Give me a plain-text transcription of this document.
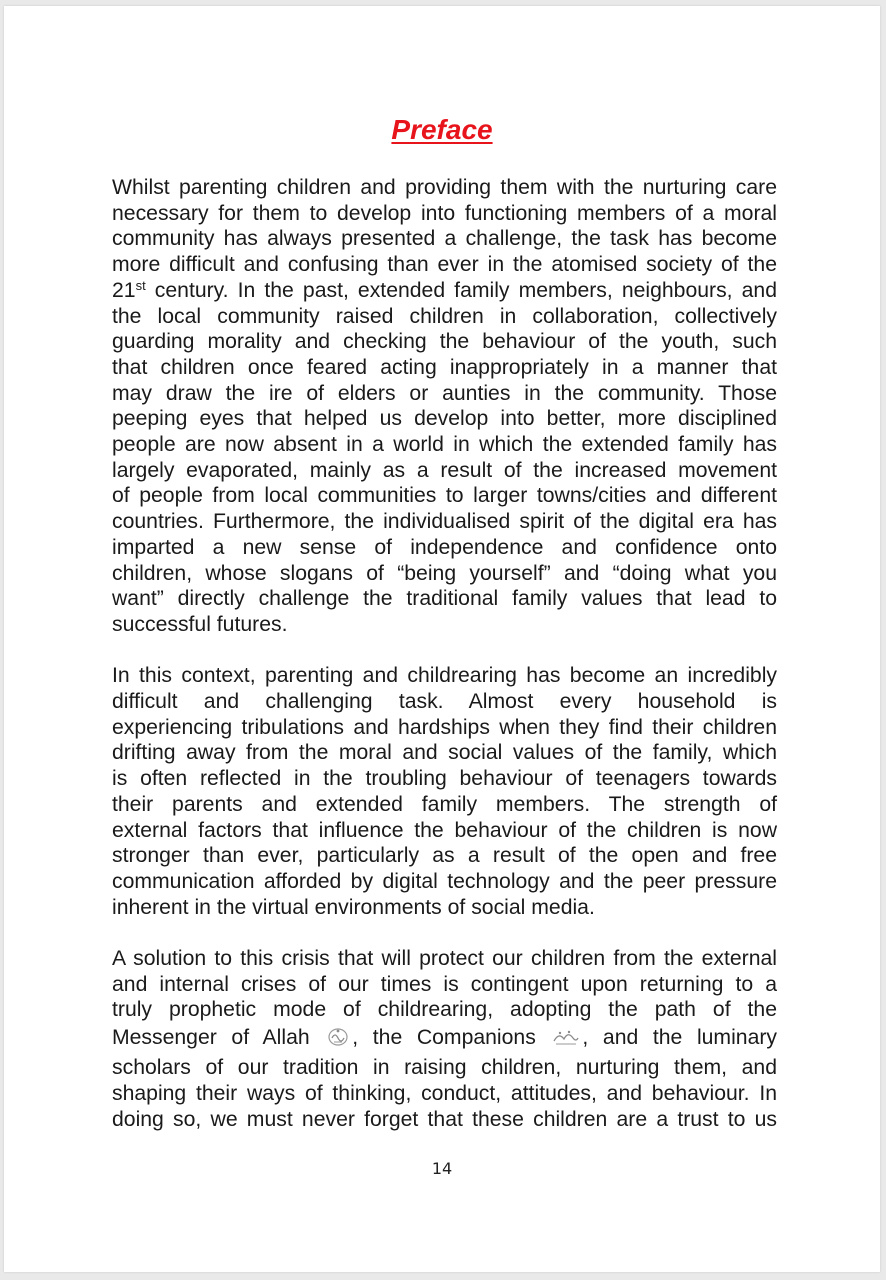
Preface

Whilst parenting children and providing them with the nurturing care
necessary for them to develop into functioning members of a moral
community has always presented a challenge, the task has become
more difficult and confusing than ever in the atomised society of the
21st century. In the past, extended family members, neighbours, and
the local community raised children in collaboration, collectively
guarding morality and checking the behaviour of the youth, such
that children once feared acting inappropriately in a manner that
may draw the ire of elders or aunties in the community. Those
peeping eyes that helped us develop into better, more disciplined
people are now absent in a world in which the extended family has
largely evaporated, mainly as a result of the increased movement
of people from local communities to larger towns/cities and different
countries. Furthermore, the individualised spirit of the digital era has
imparted a new sense of independence and confidence onto
children, whose slogans of “being yourself” and “doing what you
want” directly challenge the traditional family values that lead to
successful futures.

In this context, parenting and childrearing has become an incredibly
difficult and challenging task. Almost every household is
experiencing tribulations and hardships when they find their children
drifting away from the moral and social values of the family, which
is often reflected in the troubling behaviour of teenagers towards
their parents and extended family members. The strength of
external factors that influence the behaviour of the children is now
stronger than ever, particularly as a result of the open and free
communication afforded by digital technology and the peer pressure
inherent in the virtual environments of social media.

A solution to this crisis that will protect our children from the external
and internal crises of our times is contingent upon returning to a
truly prophetic mode of childrearing, adopting the path of the
Messenger of Allah , the Companions , and the luminary
scholars of our tradition in raising children, nurturing them, and
shaping their ways of thinking, conduct, attitudes, and behaviour. In
doing so, we must never forget that these children are a trust to us

14
